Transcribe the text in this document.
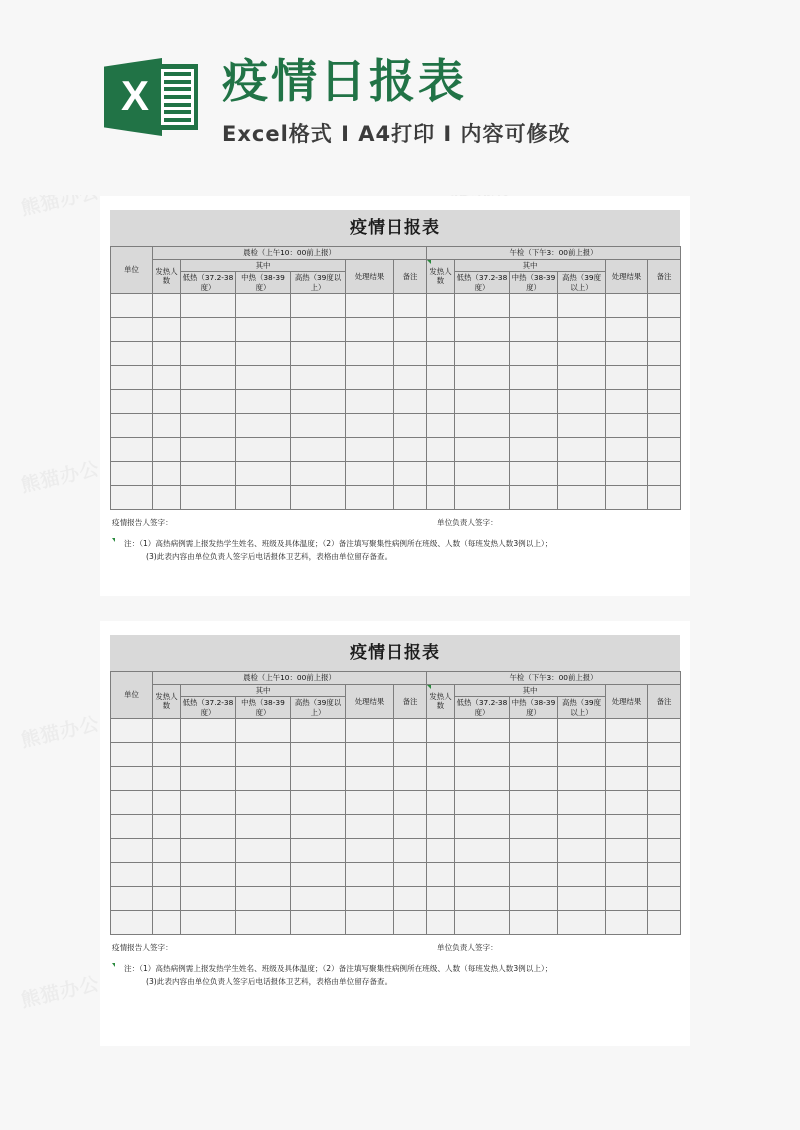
X 疫情日报表
Excel格式 Ⅰ A4打印 Ⅰ 内容可修改
疫情日报表
单位	晨检（上午10：00前上报）						午检（下午3：00前上报）					
	发热人数	其中			处理结果	备注	发热人数	其中			处理结果	备注
		低热（37.2-38度）	中热（38-39度）	高热（39度以上）				低热（37.2-38度）	中热（38-39度）	高热（39度以上）		

疫情报告人签字：	单位负责人签字：
注：（1）高热病例需上报发热学生姓名、班级及具体温度；（2）备注填写聚集性病例所在班级、人数（每班发热人数3例以上）；
(3)此表内容由单位负责人签字后电话报体卫艺科，表格由单位留存备查。
疫情日报表
单位	晨检（上午10：00前上报）						午检（下午3：00前上报）					
	发热人数	其中			处理结果	备注	发热人数	其中			处理结果	备注
		低热（37.2-38度）	中热（38-39度）	高热（39度以上）				低热（37.2-38度）	中热（38-39度）	高热（39度以上）		

疫情报告人签字：	单位负责人签字：
注：（1）高热病例需上报发热学生姓名、班级及具体温度；（2）备注填写聚集性病例所在班级、人数（每班发热人数3例以上）；
(3)此表内容由单位负责人签字后电话报体卫艺科，表格由单位留存备查。
